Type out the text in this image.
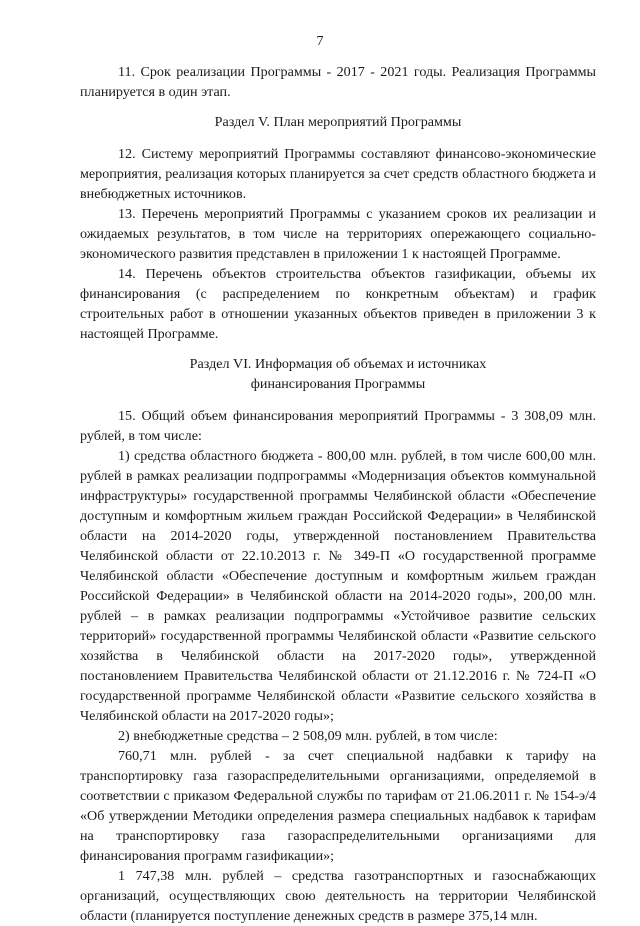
7

11. Срок реализации Программы - 2017 - 2021 годы. Реализация Программы планируется в один этап.

Раздел V. План мероприятий Программы

12. Систему мероприятий Программы составляют финансово-экономические мероприятия, реализация которых планируется за счет средств областного бюджета и внебюджетных источников.

13. Перечень мероприятий Программы с указанием сроков их реализации и ожидаемых результатов, в том числе на территориях опережающего социально-экономического развития представлен в приложении 1 к настоящей Программе.

14. Перечень объектов строительства объектов газификации, объемы их финансирования (с распределением по конкретным объектам) и график строительных работ в отношении указанных объектов приведен в приложении 3 к настоящей Программе.

Раздел VI. Информация об объемах и источниках
финансирования Программы

15. Общий объем финансирования мероприятий Программы - 3 308,09 млн. рублей, в том числе:

1) средства областного бюджета - 800,00 млн. рублей, в том числе 600,00 млн. рублей в рамках реализации подпрограммы «Модернизация объектов коммунальной инфраструктуры» государственной программы Челябинской области «Обеспечение доступным и комфортным жильем граждан Российской Федерации» в Челябинской области на 2014-2020 годы, утвержденной постановлением Правительства Челябинской области от 22.10.2013 г. № 349-П «О государственной программе Челябинской области «Обеспечение доступным и комфортным жильем граждан Российской Федерации» в Челябинской области на 2014-2020 годы», 200,00 млн. рублей – в рамках реализации подпрограммы «Устойчивое развитие сельских территорий» государственной программы Челябинской области «Развитие сельского хозяйства в Челябинской области на 2017-2020 годы», утвержденной постановлением Правительства Челябинской области от 21.12.2016 г. № 724-П «О государственной программе Челябинской области «Развитие сельского хозяйства в Челябинской области на 2017-2020 годы»;

2) внебюджетные средства – 2 508,09 млн. рублей, в том числе:

760,71 млн. рублей - за счет специальной надбавки к тарифу на транспортировку газа газораспределительными организациями, определяемой в соответствии с приказом Федеральной службы по тарифам от 21.06.2011 г. № 154-э/4 «Об утверждении Методики определения размера специальных надбавок к тарифам на транспортировку газа газораспределительными организациями для финансирования программ газификации»;

1 747,38 млн. рублей – средства газотранспортных и газоснабжающих организаций, осуществляющих свою деятельность на территории Челябинской области (планируется поступление денежных средств в размере 375,14 млн.
